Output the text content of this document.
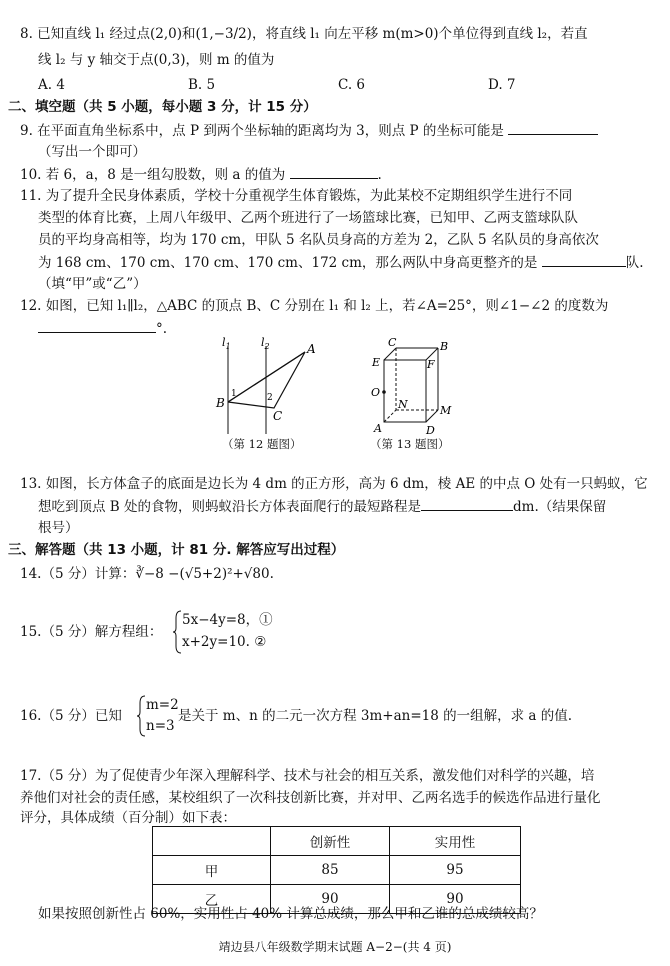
8. 已知直线 l₁ 经过点(2,0)和(1,−3/2)，将直线 l₁ 向左平移 m(m>0)个单位得到直线 l₂，若直
线 l₂ 与 y 轴交于点(0,3)，则 m 的值为
A. 4	B. 5	C. 6	D. 7
二、填空题（共 5 小题，每小题 3 分，计 15 分）
9. 在平面直角坐标系中，点 P 到两个坐标轴的距离均为 3，则点 P 的坐标可能是
（写出一个即可）
10. 若 6，a，8 是一组勾股数，则 a 的值为	.
11. 为了提升全民身体素质，学校十分重视学生体育锻炼，为此某校不定期组织学生进行不同
类型的体育比赛，上周八年级甲、乙两个班进行了一场篮球比赛，已知甲、乙两支篮球队队
员的平均身高相等，均为 170 cm，甲队 5 名队员身高的方差为 2，乙队 5 名队员的身高依次
为 168 cm、170 cm、170 cm、170 cm、172 cm，那么两队中身高更整齐的是	队.
（填“甲”或“乙”）
12. 如图，已知 l₁∥l₂，△ABC 的顶点 B、C 分别在 l₁ 和 l₂ 上，若∠A=25°，则∠1−∠2 的度数为
°.
$l_1$	$l_2$	A
B
C
1	2
（第 12 题图）
C	B
E	F
O
N	M
A	D
（第 13 题图）
13. 如图，长方体盒子的底面是边长为 4 dm 的正方形，高为 6 dm，棱 AE 的中点 O 处有一只蚂蚁，它
想吃到顶点 B 处的食物，则蚂蚁沿长方体表面爬行的最短路程是	dm.（结果保留
根号）
三、解答题（共 13 小题，计 81 分. 解答应写出过程）
14.（5 分）计算：∛−8 −(√5+2)²+√80.
15.（5 分）解方程组：
5x−4y=8，①
x+2y=10. ②
16.（5 分）已知
m=2
n=3
是关于 m、n 的二元一次方程 3m+an=18 的一组解，求 a 的值.
17.（5 分）为了促使青少年深入理解科学、技术与社会的相互关系，激发他们对科学的兴趣，培
养他们对社会的责任感，某校组织了一次科技创新比赛，并对甲、乙两名选手的候选作品进行量化
评分，具体成绩（百分制）如下表：
	创新性	实用性
甲	85	95
乙	90	90
如果按照创新性占 60%，实用性占 40% 计算总成绩，那么甲和乙谁的总成绩较高？
靖边县八年级数学期末试题 A−2−(共 4 页)
